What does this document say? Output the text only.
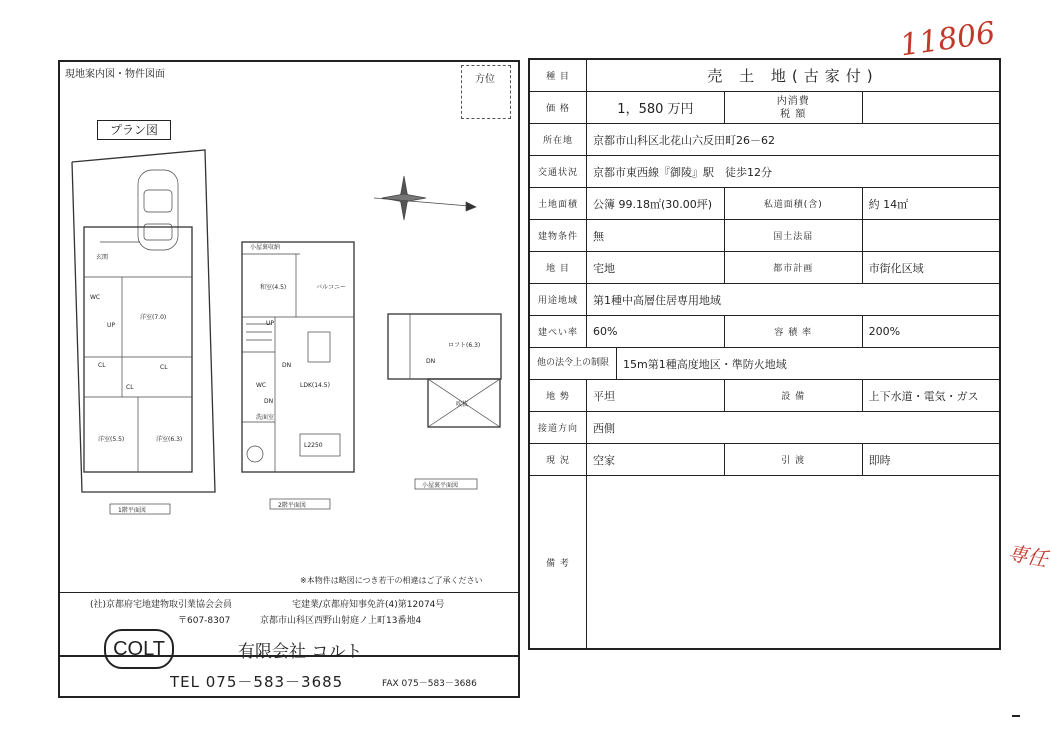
11806
専任
現地案内図・物件図面	方位
プラン図
玄関
洋室(7.0)
WC
UP
CL	CL
CL
洋室(5.5)	洋室(6.3)
1階平面図
小屋裏収納
和室(4.5)	バルコニー
UP
DN
DN
LDK(14.5)
WC
洗面室
L2250
2階平面図
ロフト(6.3)
DN
吹抜
小屋裏平面図
※本物件は略図につき若干の相違はご了承ください
(社)京都府宅地建物取引業協会会員	宅建業/京都府知事免許(4)第12074号
〒607-8307	京都市山科区西野山射庭ノ上町13番地4
COLT	有限会社 コルト
TEL 075－583－3685	FAX 075－583－3686
種 目	売 土 地(古家付)		
価 格	1，580 万円	内消費
税 額	
所在地	京都市山科区北花山六反田町26－62		
交通状況	京都市東西線『御陵』駅　徒歩12分		
土地面積	公簿 99.18㎡(30.00坪)	私道面積(含)	約 14㎡
建物条件	無	国土法届	
地 目	宅地	都市計画	市街化区域
用途地域	第1種中高層住居専用地域		
建ぺい率	60%	容 積 率	200%

他の法令上の制限 15m第1種高度地区・準防火地域			

地 勢	平坦	設 備	上下水道・電気・ガス
接道方向	西側		
現 況	空家	引 渡	即時
備 考			
